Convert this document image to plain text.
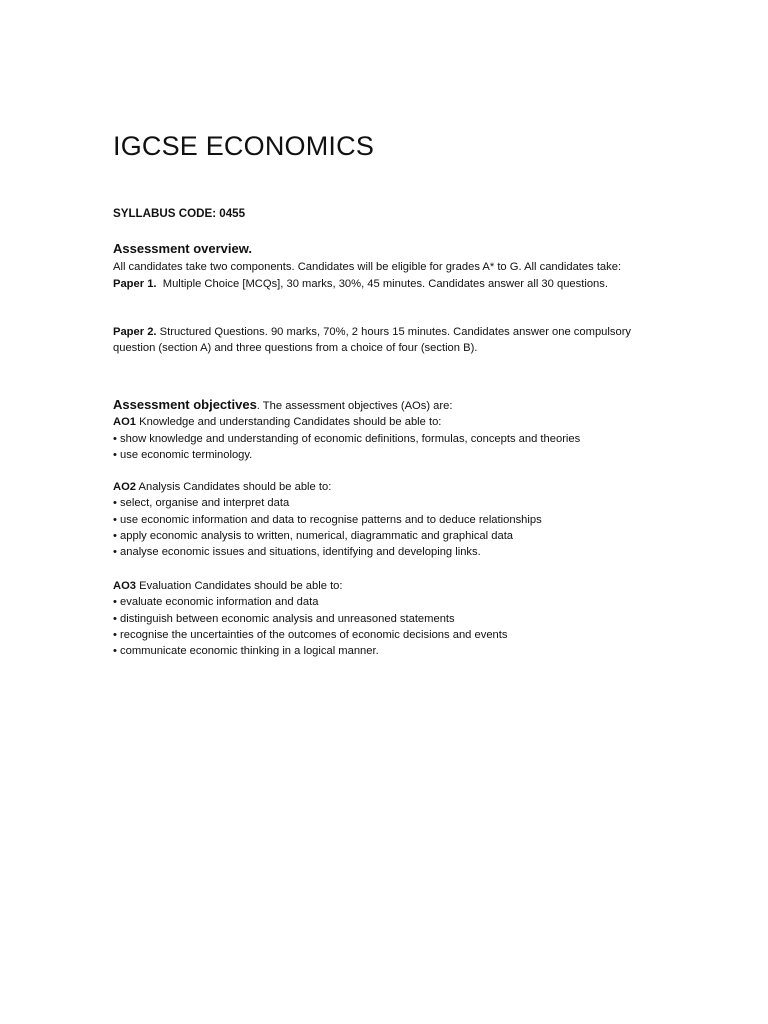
IGCSE ECONOMICS

SYLLABUS CODE: 0455

Assessment overview.
All candidates take two components. Candidates will be eligible for grades A* to G. All candidates take:
Paper 1.  Multiple Choice [MCQs], 30 marks, 30%, 45 minutes. Candidates answer all 30 questions.
Paper 2. Structured Questions. 90 marks, 70%, 2 hours 15 minutes. Candidates answer one compulsory question (section A) and three questions from a choice of four (section B).
Assessment objectives. The assessment objectives (AOs) are:
AO1 Knowledge and understanding Candidates should be able to:
• show knowledge and understanding of economic definitions, formulas, concepts and theories
• use economic terminology.
AO2 Analysis Candidates should be able to:
• select, organise and interpret data
• use economic information and data to recognise patterns and to deduce relationships
• apply economic analysis to written, numerical, diagrammatic and graphical data
• analyse economic issues and situations, identifying and developing links.
AO3 Evaluation Candidates should be able to:
• evaluate economic information and data
• distinguish between economic analysis and unreasoned statements
• recognise the uncertainties of the outcomes of economic decisions and events
• communicate economic thinking in a logical manner.
